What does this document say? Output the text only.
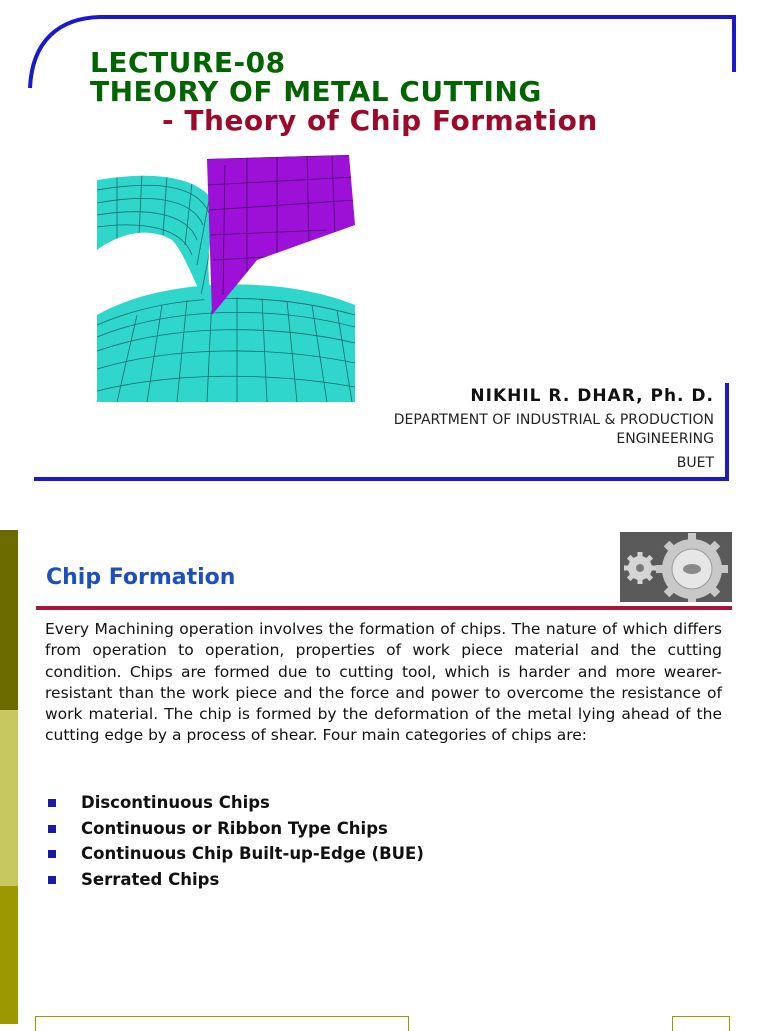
LECTURE-08
THEORY OF METAL CUTTING
- Theory of Chip Formation
NIKHIL R. DHAR, Ph. D.
DEPARTMENT OF INDUSTRIAL & PRODUCTION
ENGINEERING
BUET
Chip Formation

Every Machining operation involves the formation of chips. The nature of which differs from operation to operation, properties of work piece material and the cutting condition. Chips are formed due to cutting tool, which is harder and more wearer-resistant than the work piece and the force and power to overcome the resistance of work material. The chip is formed by the deformation of the metal lying ahead of the cutting edge by a process of shear. Four main categories of chips are:

Discontinuous Chips
Continuous or Ribbon Type Chips
Continuous Chip Built-up-Edge (BUE)
Serrated Chips
